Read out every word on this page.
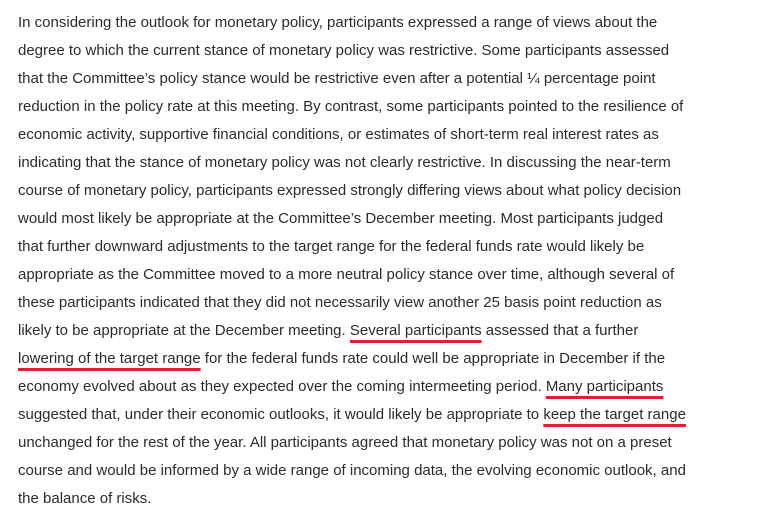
In considering the outlook for monetary policy, participants expressed a range of views about the
degree to which the current stance of monetary policy was restrictive. Some participants assessed
that the Committee’s policy stance would be restrictive even after a potential ¼ percentage point
reduction in the policy rate at this meeting. By contrast, some participants pointed to the resilience of
economic activity, supportive financial conditions, or estimates of short-term real interest rates as
indicating that the stance of monetary policy was not clearly restrictive. In discussing the near-term
course of monetary policy, participants expressed strongly differing views about what policy decision
would most likely be appropriate at the Committee’s December meeting. Most participants judged
that further downward adjustments to the target range for the federal funds rate would likely be
appropriate as the Committee moved to a more neutral policy stance over time, although several of
these participants indicated that they did not necessarily view another 25 basis point reduction as
likely to be appropriate at the December meeting. Several participants assessed that a further
lowering of the target range for the federal funds rate could well be appropriate in December if the
economy evolved about as they expected over the coming intermeeting period. Many participants
suggested that, under their economic outlooks, it would likely be appropriate to keep the target range
unchanged for the rest of the year. All participants agreed that monetary policy was not on a preset
course and would be informed by a wide range of incoming data, the evolving economic outlook, and
the balance of risks.
